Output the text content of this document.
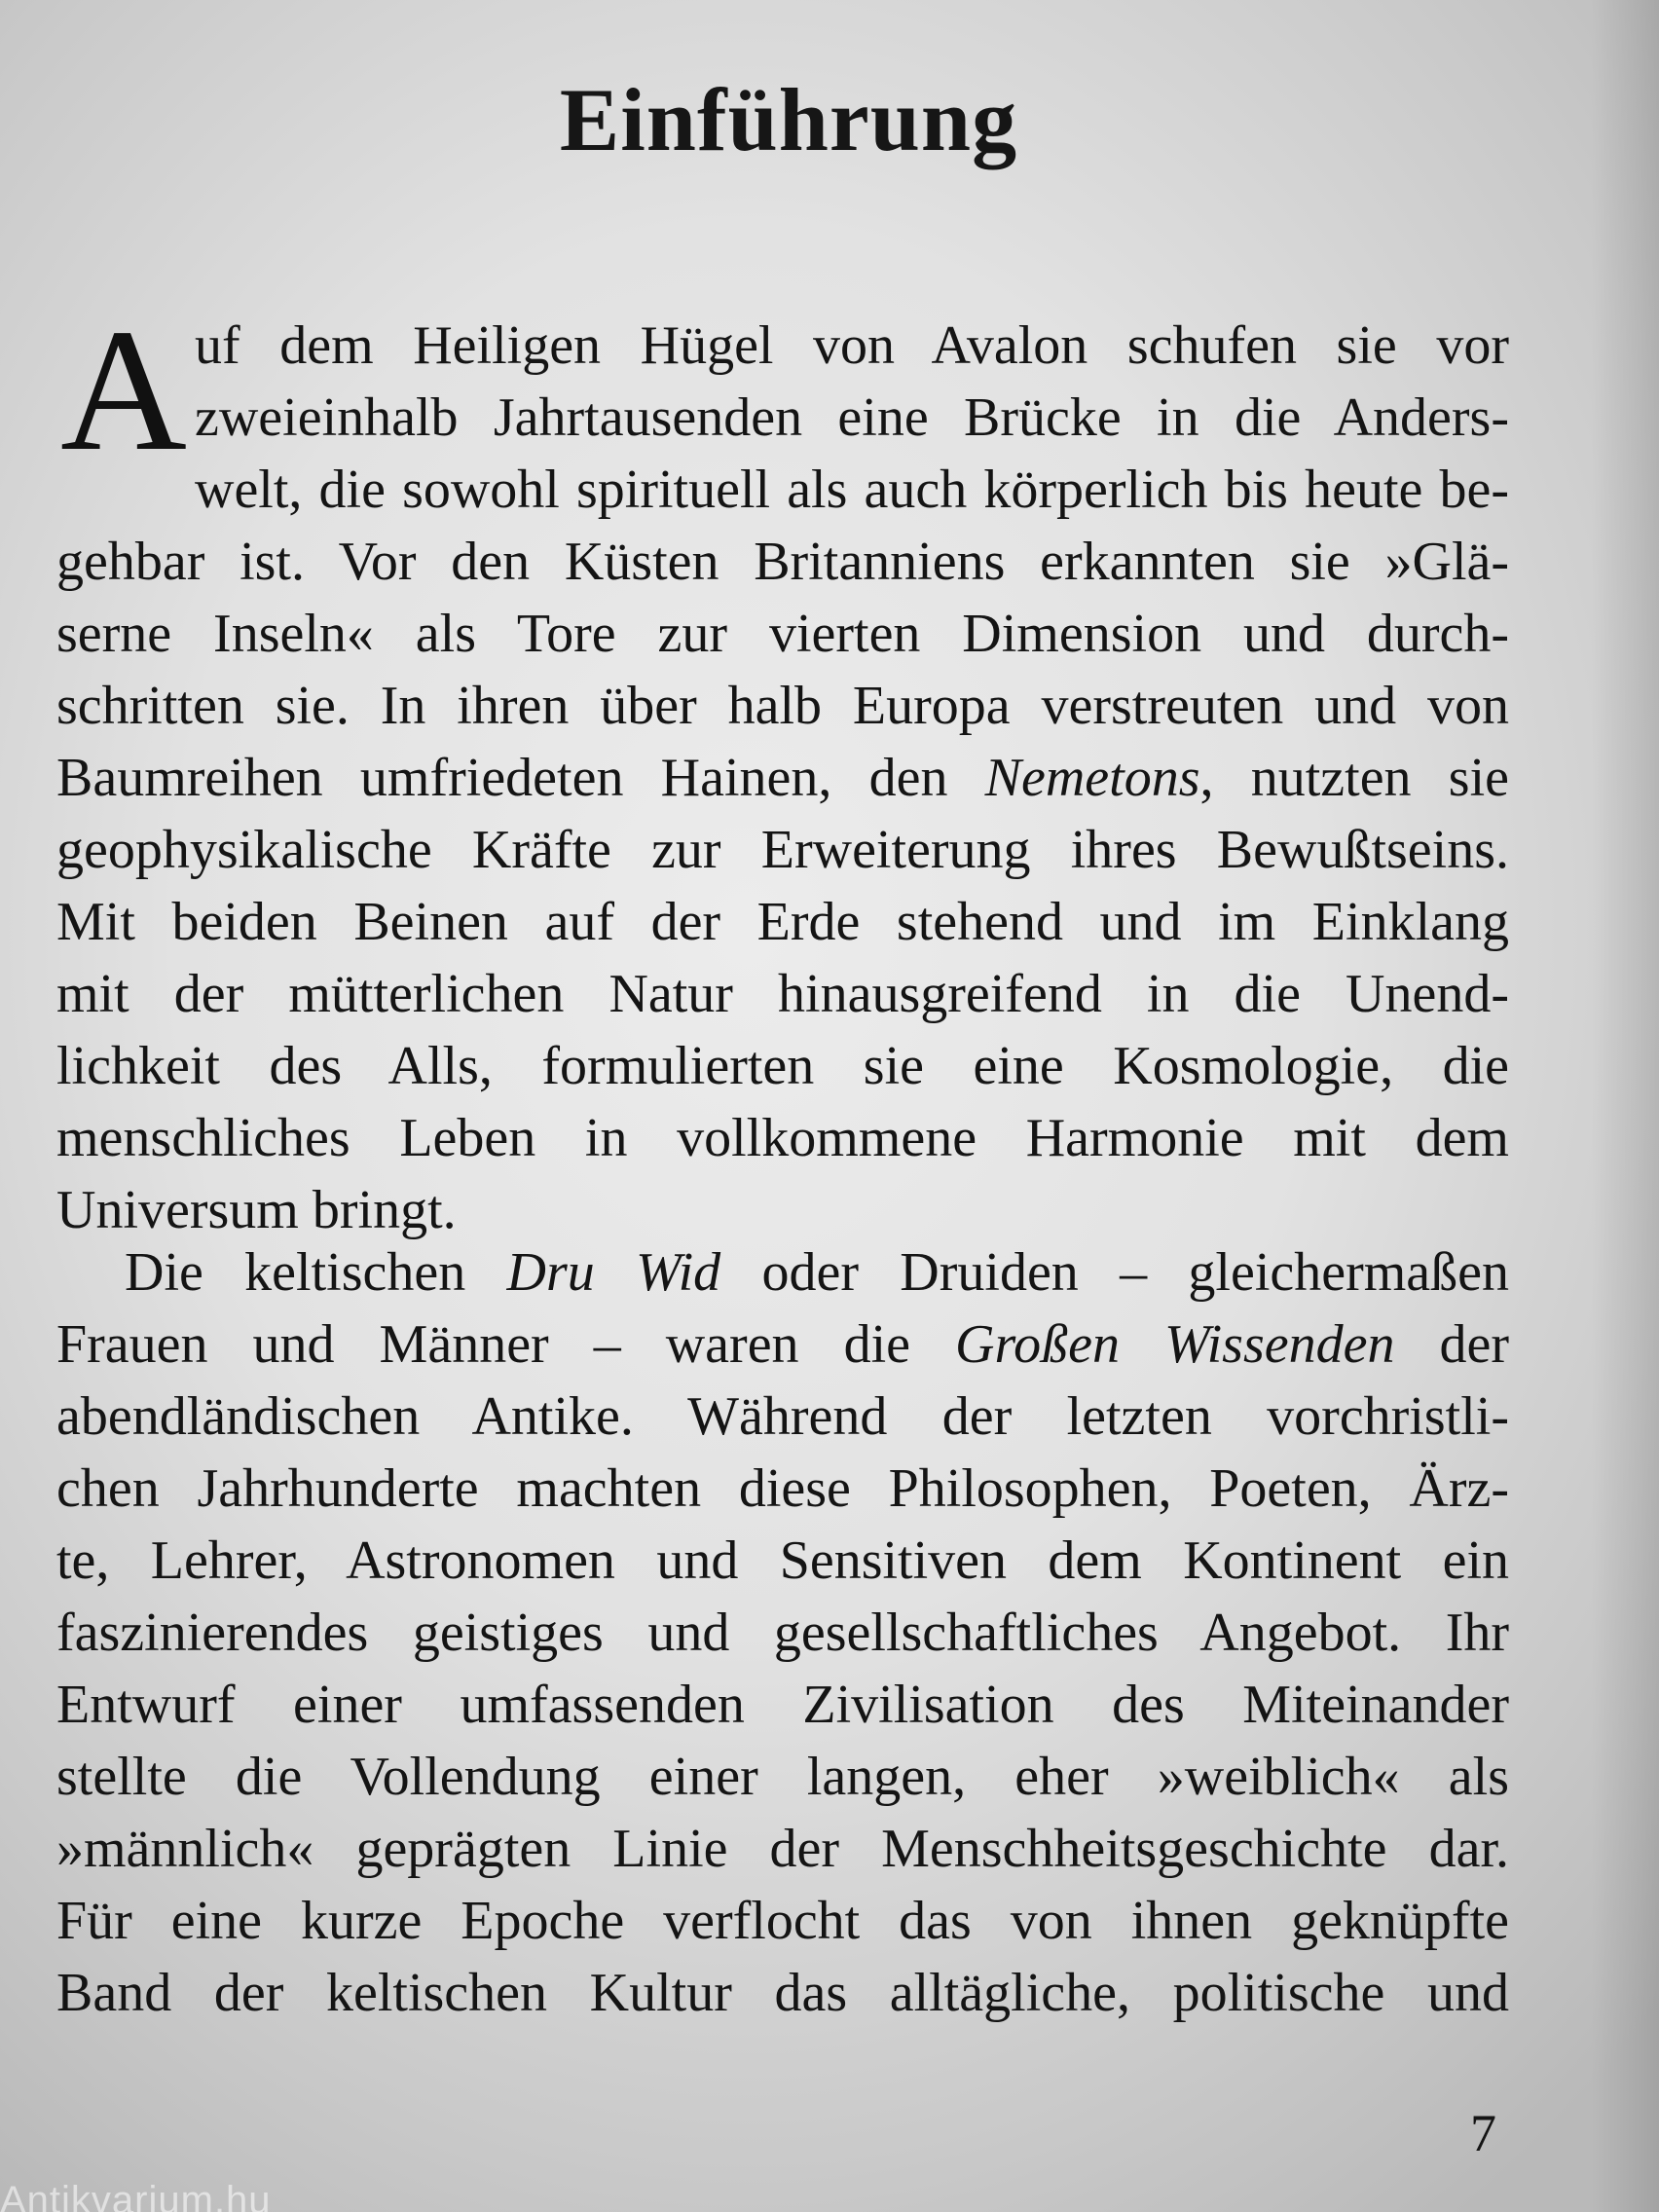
Einführung
A uf dem Heiligen Hügel von Avalon schufen sie vor
zweieinhalb Jahrtausenden eine Brücke in die Anders-
welt, die sowohl spirituell als auch körperlich bis heute be-
gehbar ist. Vor den Küsten Britanniens erkannten sie »Glä-
serne Inseln« als Tore zur vierten Dimension und durch-
schritten sie. In ihren über halb Europa verstreuten und von
Baumreihen umfriedeten Hainen, den Nemetons, nutzten sie
geophysikalische Kräfte zur Erweiterung ihres Bewußtseins.
Mit beiden Beinen auf der Erde stehend und im Einklang
mit der mütterlichen Natur hinausgreifend in die Unend-
lichkeit des Alls, formulierten sie eine Kosmologie, die
menschliches Leben in vollkommene Harmonie mit dem
Universum bringt.
Die keltischen Dru Wid oder Druiden – gleichermaßen
Frauen und Männer – waren die Großen Wissenden der
abendländischen Antike. Während der letzten vorchristli-
chen Jahrhunderte machten diese Philosophen, Poeten, Ärz-
te, Lehrer, Astronomen und Sensitiven dem Kontinent ein
faszinierendes geistiges und gesellschaftliches Angebot. Ihr
Entwurf einer umfassenden Zivilisation des Miteinander
stellte die Vollendung einer langen, eher »weiblich« als
»männlich« geprägten Linie der Menschheitsgeschichte dar.
Für eine kurze Epoche verflocht das von ihnen geknüpfte
Band der keltischen Kultur das alltägliche, politische und
7
Antikvarium.hu
